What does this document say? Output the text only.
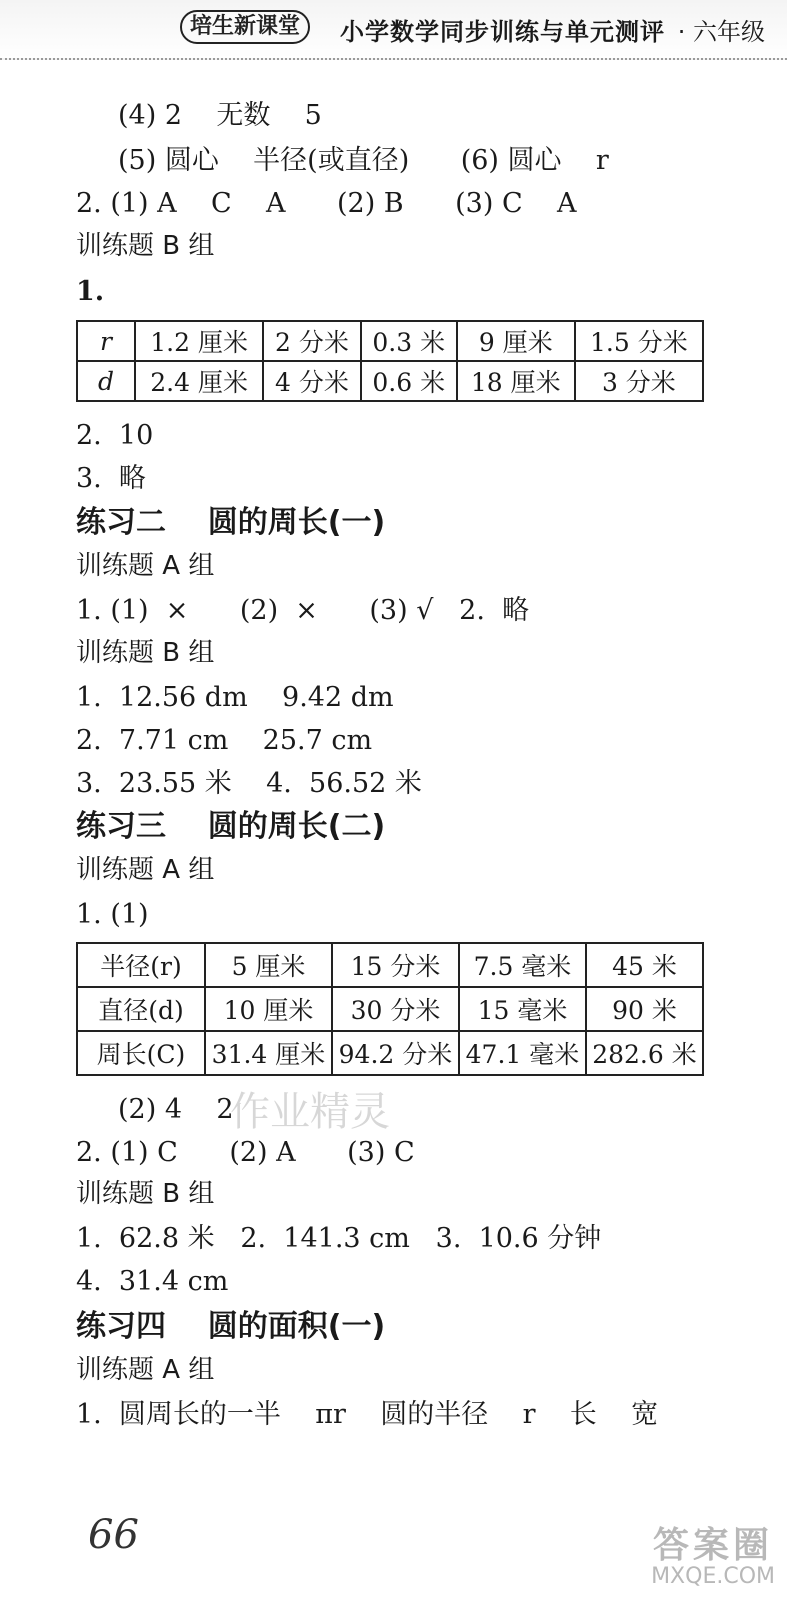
培生新课堂	小学数学同步训练与单元测评 · 六年级
(4) 2    无数    5
(5) 圆心    半径(或直径)      (6) 圆心    r
2. (1) A    C    A      (2) B      (3) C    A
训练题 B 组
1.
r	1.2 厘米	2 分米	0.3 米	9 厘米	1.5 分米
d	2.4 厘米	4 分米	0.6 米	18 厘米	3 分米
2.  10
3.  略
练习二    圆的周长(一)
训练题 A 组
1. (1)  ×      (2)  ×      (3) √   2.  略
训练题 B 组
1.  12.56 dm    9.42 dm
2.  7.71 cm    25.7 cm
3.  23.55 米    4.  56.52 米
练习三    圆的周长(二)
训练题 A 组
1. (1)
半径(r)	5 厘米	15 分米	7.5 毫米	45 米
直径(d)	10 厘米	30 分米	15 毫米	90 米
周长(C)	31.4 厘米	94.2 分米	47.1 毫米	282.6 米
作业精灵
(2) 4    2
2. (1) C      (2) A      (3) C
训练题 B 组
1.  62.8 米   2.  141.3 cm   3.  10.6 分钟
4.  31.4 cm
练习四    圆的面积(一)
训练题 A 组
1.  圆周长的一半    πr    圆的半径    r    长    宽
66	答案圈
MXQE.COM
